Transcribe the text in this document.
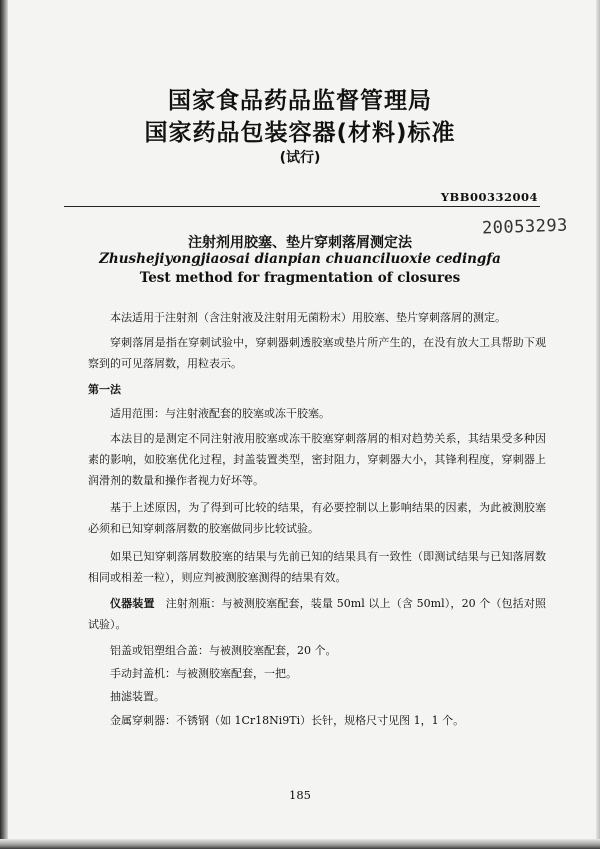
国家食品药品监督管理局
国家药品包装容器(材料)标准
(试行)
YBB00332004
20053293
注射剂用胶塞、垫片穿刺落屑测定法
Zhushejiyongjiaosai dianpian chuanciluoxie cedingfa
Test method for fragmentation of closures
本法适用于注射剂（含注射液及注射用无菌粉末）用胶塞、垫片穿刺落屑的测定。
穿刺落屑是指在穿刺试验中，穿刺器刺透胶塞或垫片所产生的，在没有放大工具帮助下观察到的可见落屑数，用粒表示。
第一法
适用范围：与注射液配套的胶塞或冻干胶塞。
本法目的是测定不同注射液用胶塞或冻干胶塞穿刺落屑的相对趋势关系，其结果受多种因素的影响，如胶塞优化过程，封盖装置类型，密封阻力，穿刺器大小，其锋利程度，穿刺器上润滑剂的数量和操作者视力好坏等。
基于上述原因，为了得到可比较的结果，有必要控制以上影响结果的因素，为此被测胶塞必须和已知穿刺落屑数的胶塞做同步比较试验。
如果已知穿刺落屑数胶塞的结果与先前已知的结果具有一致性（即测试结果与已知落屑数相同或相差一粒），则应判被测胶塞测得的结果有效。
仪器装置　注射剂瓶：与被测胶塞配套，装量 50ml 以上（含 50ml），20 个（包括对照试验）。
铝盖或铝塑组合盖：与被测胶塞配套，20 个。
手动封盖机：与被测胶塞配套，一把。
抽滤装置。
金属穿刺器：不锈钢（如 1Cr18Ni9Ti）长针，规格尺寸见图 1，1 个。
185
